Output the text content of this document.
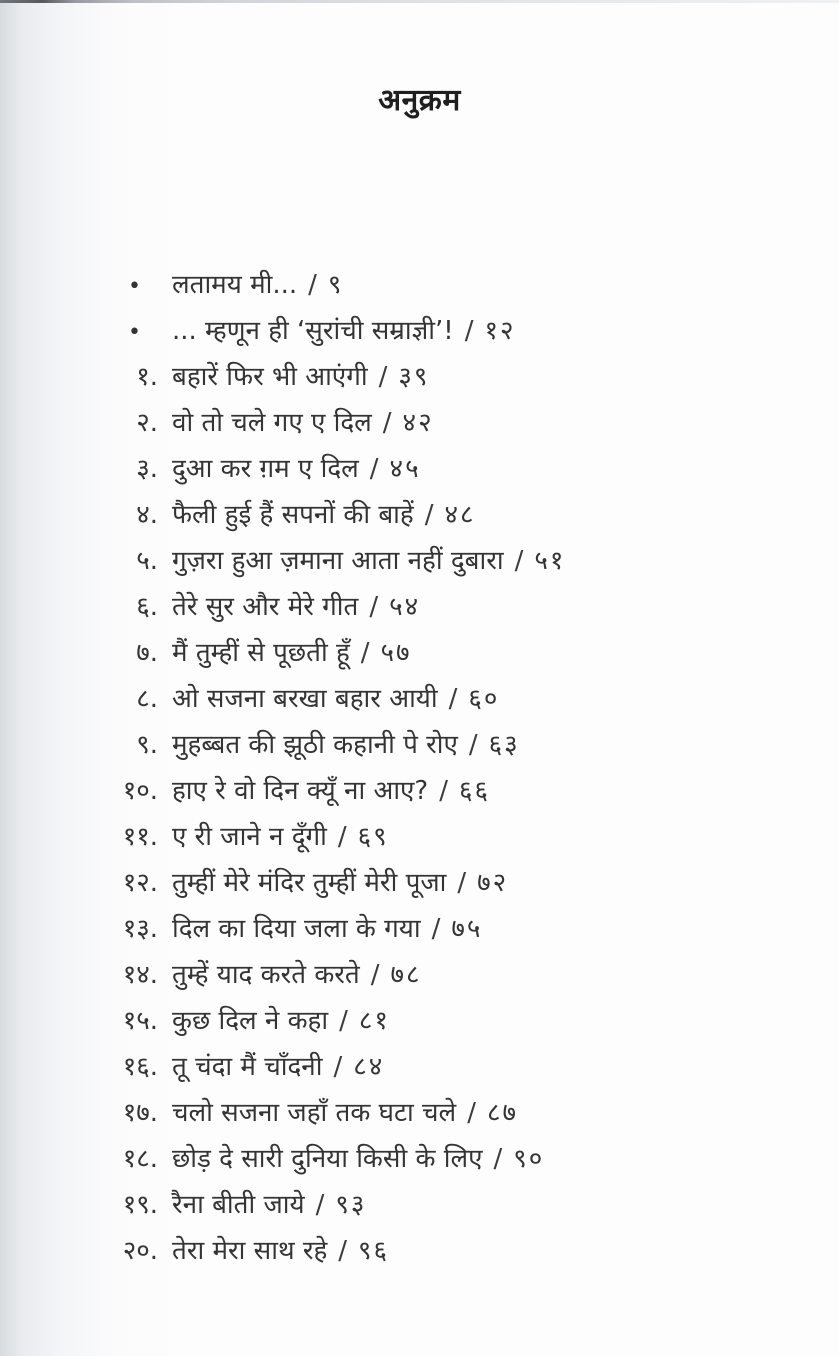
अनुक्रम
•	लतामय मी... / ९
•	... म्हणून ही ‘सुरांची सम्राज्ञी’! / १२
१. बहारें फिर भी आएंगी / ३९
२. वो तो चले गए ए दिल / ४२
३. दुआ कर ग़म ए दिल / ४५
४. फैली हुई हैं सपनों की बाहें / ४८
५. गुज़रा हुआ ज़माना आता नहीं दुबारा / ५१
६. तेरे सुर और मेरे गीत / ५४
७. मैं तुम्हीं से पूछती हूँ / ५७
८. ओ सजना बरखा बहार आयी / ६०
९. मुहब्बत की झूठी कहानी पे रोए / ६३
१०. हाए रे वो दिन क्यूँ ना आए? / ६६
११. ए री जाने न दूँगी / ६९
१२. तुम्हीं मेरे मंदिर तुम्हीं मेरी पूजा / ७२
१३. दिल का दिया जला के गया / ७५
१४. तुम्हें याद करते करते / ७८
१५. कुछ दिल ने कहा / ८१
१६. तू चंदा मैं चाँदनी / ८४
१७. चलो सजना जहाँ तक घटा चले / ८७
१८. छोड़ दे सारी दुनिया किसी के लिए / ९०
१९. रैना बीती जाये / ९३
२०. तेरा मेरा साथ रहे / ९६
